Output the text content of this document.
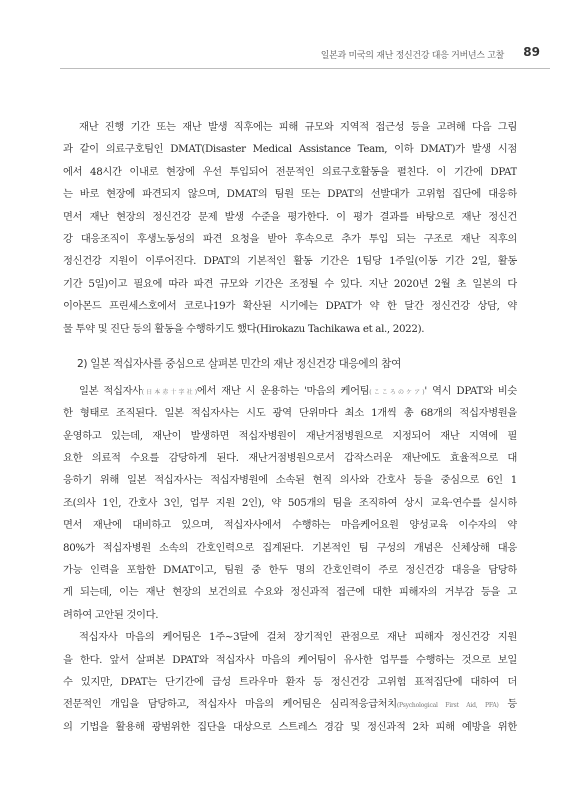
일본과 미국의 재난 정신건강 대응 거버넌스 고찰 89
재난 진행 기간 또는 재난 발생 직후에는 피해 규모와 지역적 접근성 등을 고려해 다음 그림
과 같이 의료구호팀인 DMAT(Disaster Medical Assistance Team, 이하 DMAT)가 발생 시점
에서 48시간 이내로 현장에 우선 투입되어 전문적인 의료구호활동을 펼친다. 이 기간에 DPAT
는 바로 현장에 파견되지 않으며, DMAT의 팀원 또는 DPAT의 선발대가 고위험 집단에 대응하
면서 재난 현장의 정신건강 문제 발생 수준을 평가한다. 이 평가 결과를 바탕으로 재난 정신건
강 대응조직이 후생노동성의 파견 요청을 받아 후속으로 추가 투입 되는 구조로 재난 직후의
정신건강 지원이 이루어진다. DPAT의 기본적인 활동 기간은 1팀당 1주일(이동 기간 2일, 활동
기간 5일)이고 필요에 따라 파견 규모와 기간은 조정될 수 있다. 지난 2020년 2월 초 일본의 다
이아몬드 프린세스호에서 코로나19가 확산된 시기에는 DPAT가 약 한 달간 정신건강 상담, 약
물 투약 및 진단 등의 활동을 수행하기도 했다(Hirokazu Tachikawa et al., 2022).
2) 일본 적십자사를 중심으로 살펴본 민간의 재난 정신건강 대응에의 참여
일본 적십자사(日本赤十字社)에서 재난 시 운용하는 '마음의 케어팀(こころのケア)' 역시 DPAT와 비슷
한 형태로 조직된다. 일본 적십자사는 시도 광역 단위마다 최소 1개씩 총 68개의 적십자병원을
운영하고 있는데, 재난이 발생하면 적십자병원이 재난거점병원으로 지정되어 재난 지역에 필
요한 의료적 수요를 감당하게 된다. 재난거점병원으로서 갑작스러운 재난에도 효율적으로 대
응하기 위해 일본 적십자사는 적십자병원에 소속된 현직 의사와 간호사 등을 중심으로 6인 1
조(의사 1인, 간호사 3인, 업무 지원 2인), 약 505개의 팀을 조직하여 상시 교육·연수를 실시하
면서 재난에 대비하고 있으며, 적십자사에서 수행하는 마음케어요원 양성교육 이수자의 약
80%가 적십자병원 소속의 간호인력으로 집계된다. 기본적인 팀 구성의 개념은 신체상해 대응
가능 인력을 포함한 DMAT이고, 팀원 중 한두 명의 간호인력이 주로 정신건강 대응을 담당하
게 되는데, 이는 재난 현장의 보건의료 수요와 정신과적 접근에 대한 피해자의 거부감 등을 고
려하여 고안된 것이다.
적십자사 마음의 케어팀은 1주~3달에 걸쳐 장기적인 관점으로 재난 피해자 정신건강 지원
을 한다. 앞서 살펴본 DPAT와 적십자사 마음의 케어팀이 유사한 업무를 수행하는 것으로 보일
수 있지만, DPAT는 단기간에 급성 트라우마 환자 등 정신건강 고위험 표적집단에 대하여 더
전문적인 개입을 담당하고, 적십자사 마음의 케어팀은 심리적응급처치(Psychological First Aid, PFA) 등
의 기법을 활용해 광범위한 집단을 대상으로 스트레스 경감 및 정신과적 2차 피해 예방을 위한
